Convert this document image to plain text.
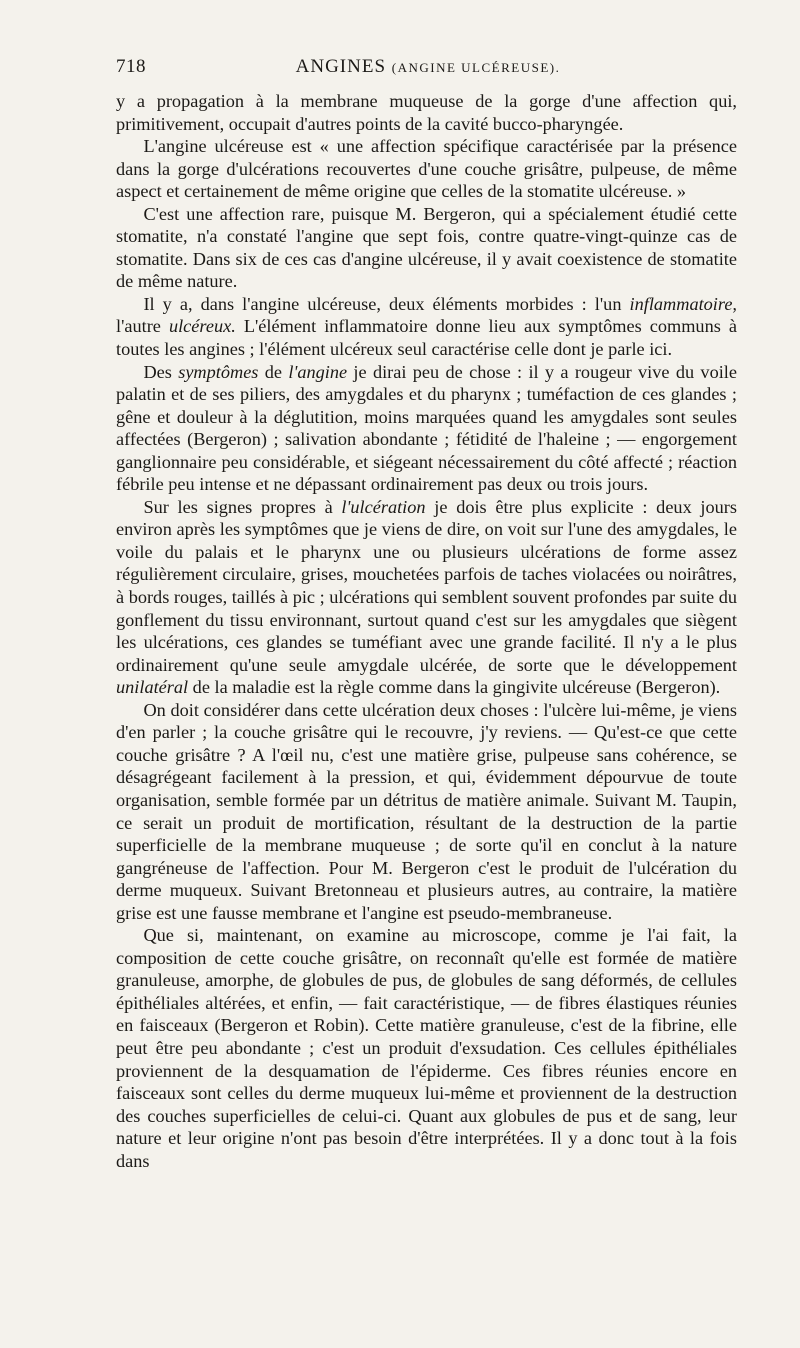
718	ANGINES (ANGINE ULCÉREUSE).

y a propagation à la membrane muqueuse de la gorge d'une affection qui, primitivement, occupait d'autres points de la cavité bucco-pharyngée.

L'angine ulcéreuse est « une affection spécifique caractérisée par la présence dans la gorge d'ulcérations recouvertes d'une couche grisâtre, pulpeuse, de même aspect et certainement de même origine que celles de la stomatite ulcéreuse. »

C'est une affection rare, puisque M. Bergeron, qui a spécialement étudié cette stomatite, n'a constaté l'angine que sept fois, contre quatre-vingt-quinze cas de stomatite. Dans six de ces cas d'angine ulcéreuse, il y avait coexistence de stomatite de même nature.

Il y a, dans l'angine ulcéreuse, deux éléments morbides : l'un inflammatoire, l'autre ulcéreux. L'élément inflammatoire donne lieu aux symptômes communs à toutes les angines ; l'élément ulcéreux seul caractérise celle dont je parle ici.

Des symptômes de l'angine je dirai peu de chose : il y a rougeur vive du voile palatin et de ses piliers, des amygdales et du pharynx ; tuméfaction de ces glandes ; gêne et douleur à la déglutition, moins marquées quand les amygdales sont seules affectées (Bergeron) ; salivation abondante ; fétidité de l'haleine ; — engorgement ganglionnaire peu considérable, et siégeant nécessairement du côté affecté ; réaction fébrile peu intense et ne dépassant ordinairement pas deux ou trois jours.

Sur les signes propres à l'ulcération je dois être plus explicite : deux jours environ après les symptômes que je viens de dire, on voit sur l'une des amygdales, le voile du palais et le pharynx une ou plusieurs ulcérations de forme assez régulièrement circulaire, grises, mouchetées parfois de taches violacées ou noirâtres, à bords rouges, taillés à pic ; ulcérations qui semblent souvent profondes par suite du gonflement du tissu environnant, surtout quand c'est sur les amygdales que siègent les ulcérations, ces glandes se tuméfiant avec une grande facilité. Il n'y a le plus ordinairement qu'une seule amygdale ulcérée, de sorte que le développement unilatéral de la maladie est la règle comme dans la gingivite ulcéreuse (Bergeron).

On doit considérer dans cette ulcération deux choses : l'ulcère lui-même, je viens d'en parler ; la couche grisâtre qui le recouvre, j'y reviens. — Qu'est-ce que cette couche grisâtre ? A l'œil nu, c'est une matière grise, pulpeuse sans cohérence, se désagrégeant facilement à la pression, et qui, évidemment dépourvue de toute organisation, semble formée par un détritus de matière animale. Suivant M. Taupin, ce serait un produit de mortification, résultant de la destruction de la partie superficielle de la membrane muqueuse ; de sorte qu'il en conclut à la nature gangréneuse de l'affection. Pour M. Bergeron c'est le produit de l'ulcération du derme muqueux. Suivant Bretonneau et plusieurs autres, au contraire, la matière grise est une fausse membrane et l'angine est pseudo-membraneuse.

Que si, maintenant, on examine au microscope, comme je l'ai fait, la composition de cette couche grisâtre, on reconnaît qu'elle est formée de matière granuleuse, amorphe, de globules de pus, de globules de sang déformés, de cellules épithéliales altérées, et enfin, — fait caractéristique, — de fibres élastiques réunies en faisceaux (Bergeron et Robin). Cette matière granuleuse, c'est de la fibrine, elle peut être peu abondante ; c'est un produit d'exsudation. Ces cellules épithéliales proviennent de la desquamation de l'épiderme. Ces fibres réunies encore en faisceaux sont celles du derme muqueux lui-même et proviennent de la destruction des couches superficielles de celui-ci. Quant aux globules de pus et de sang, leur nature et leur origine n'ont pas besoin d'être interprétées. Il y a donc tout à la fois dans
